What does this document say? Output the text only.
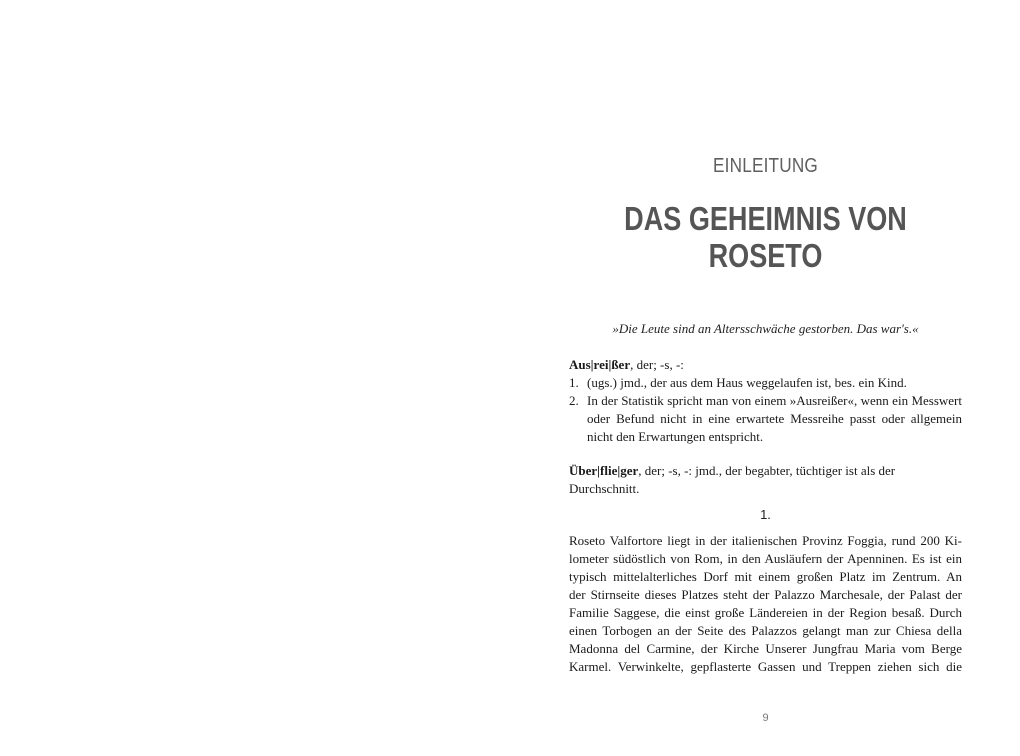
EINLEITUNG
DAS GEHEIMNIS VON
ROSETO
»Die Leute sind an Altersschwäche gestorben. Das war's.«

Aus|rei|ßer, der; -s, -:

1. (ugs.) jmd., der aus dem Haus weggelaufen ist, bes. ein Kind.
2. In der Statistik spricht man von einem »Ausreißer«, wenn ein Messwert oder Befund nicht in eine erwartete Messreihe passt oder allgemein nicht den Erwartungen entspricht.
Über|flie|ger, der; -s, -: jmd., der begabter, tüchtiger ist als der Durchschnitt.
1.
Roseto Valfortore liegt in der italienischen Provinz Foggia, rund 200 Ki-
lometer südöstlich von Rom, in den Ausläufern der Apenninen. Es ist ein
typisch mittelalterliches Dorf mit einem großen Platz im Zentrum. An
der Stirnseite dieses Platzes steht der Palazzo Marchesale, der Palast der
Familie Saggese, die einst große Ländereien in der Region besaß. Durch
einen Torbogen an der Seite des Palazzos gelangt man zur Chiesa della
Madonna del Carmine, der Kirche Unserer Jungfrau Maria vom Berge
Karmel. Verwinkelte, gepflasterte Gassen und Treppen ziehen sich die
9
